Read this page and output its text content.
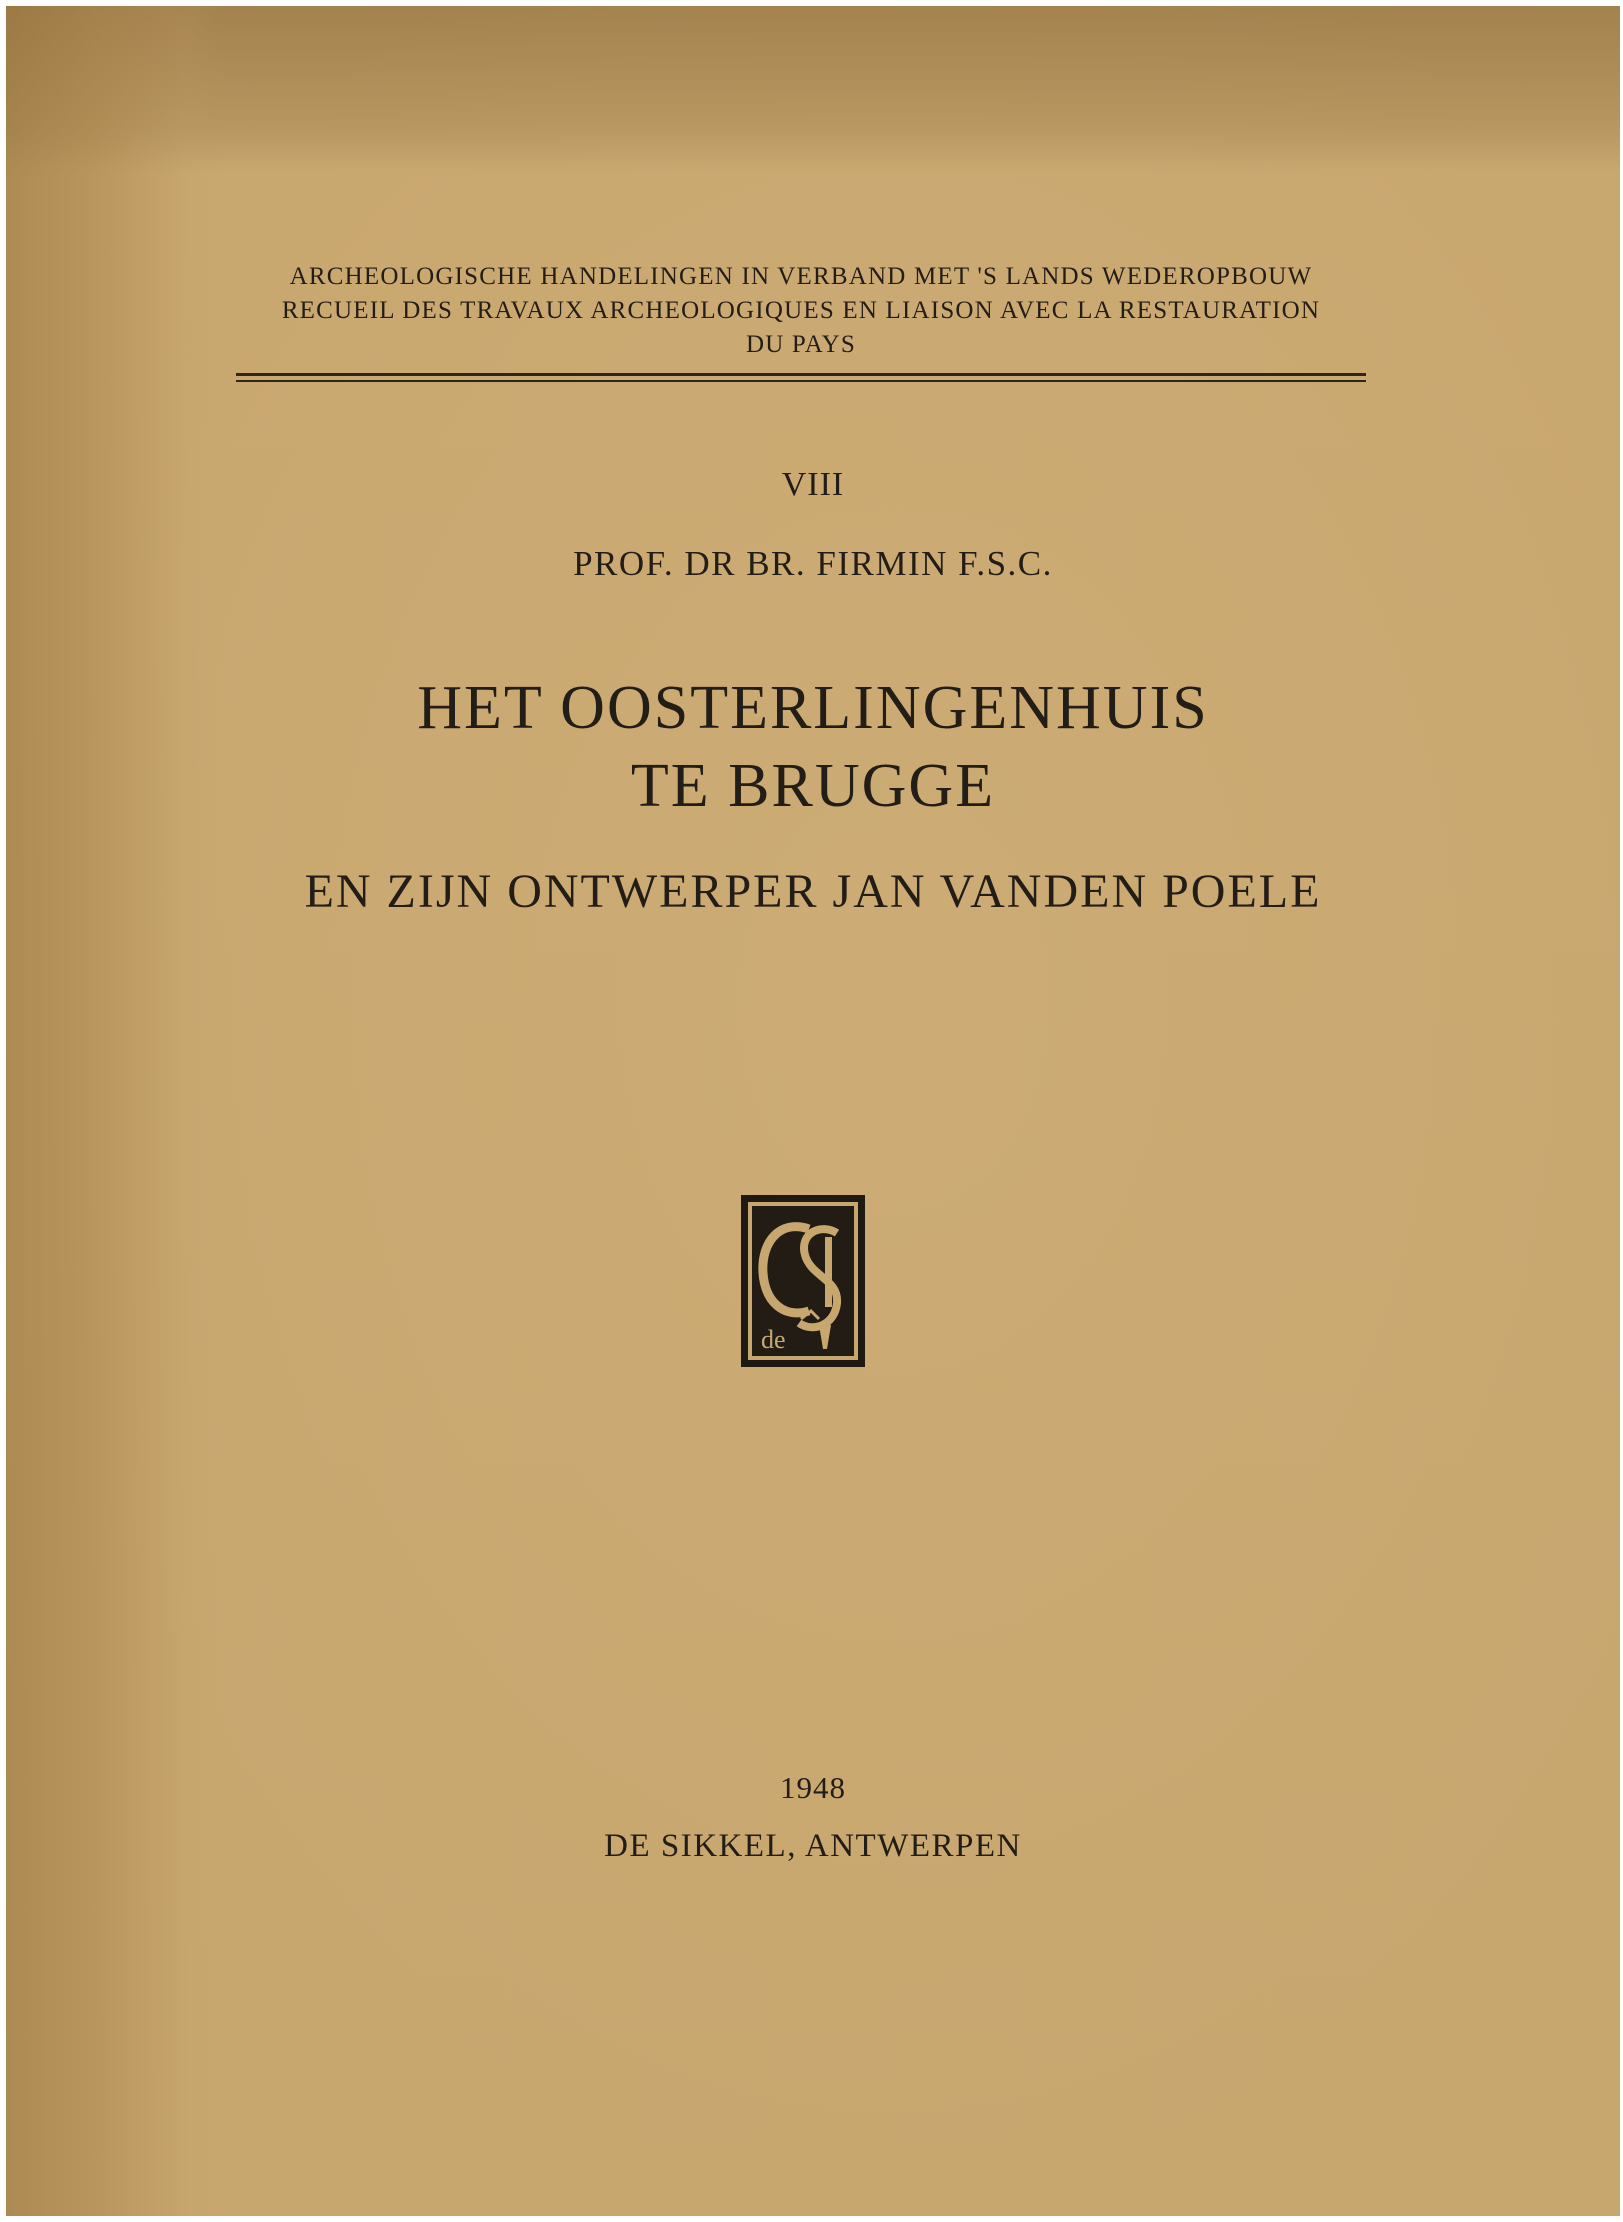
ARCHEOLOGISCHE HANDELINGEN IN VERBAND MET 'S LANDS WEDEROPBOUW
RECUEIL DES TRAVAUX ARCHEOLOGIQUES EN LIAISON AVEC LA RESTAURATION
DU PAYS
VIII
PROF. DR BR. FIRMIN F.S.C.
HET OOSTERLINGENHUIS
TE BRUGGE
EN ZIJN ONTWERPER JAN VANDEN POELE
de
1948
DE SIKKEL, ANTWERPEN
